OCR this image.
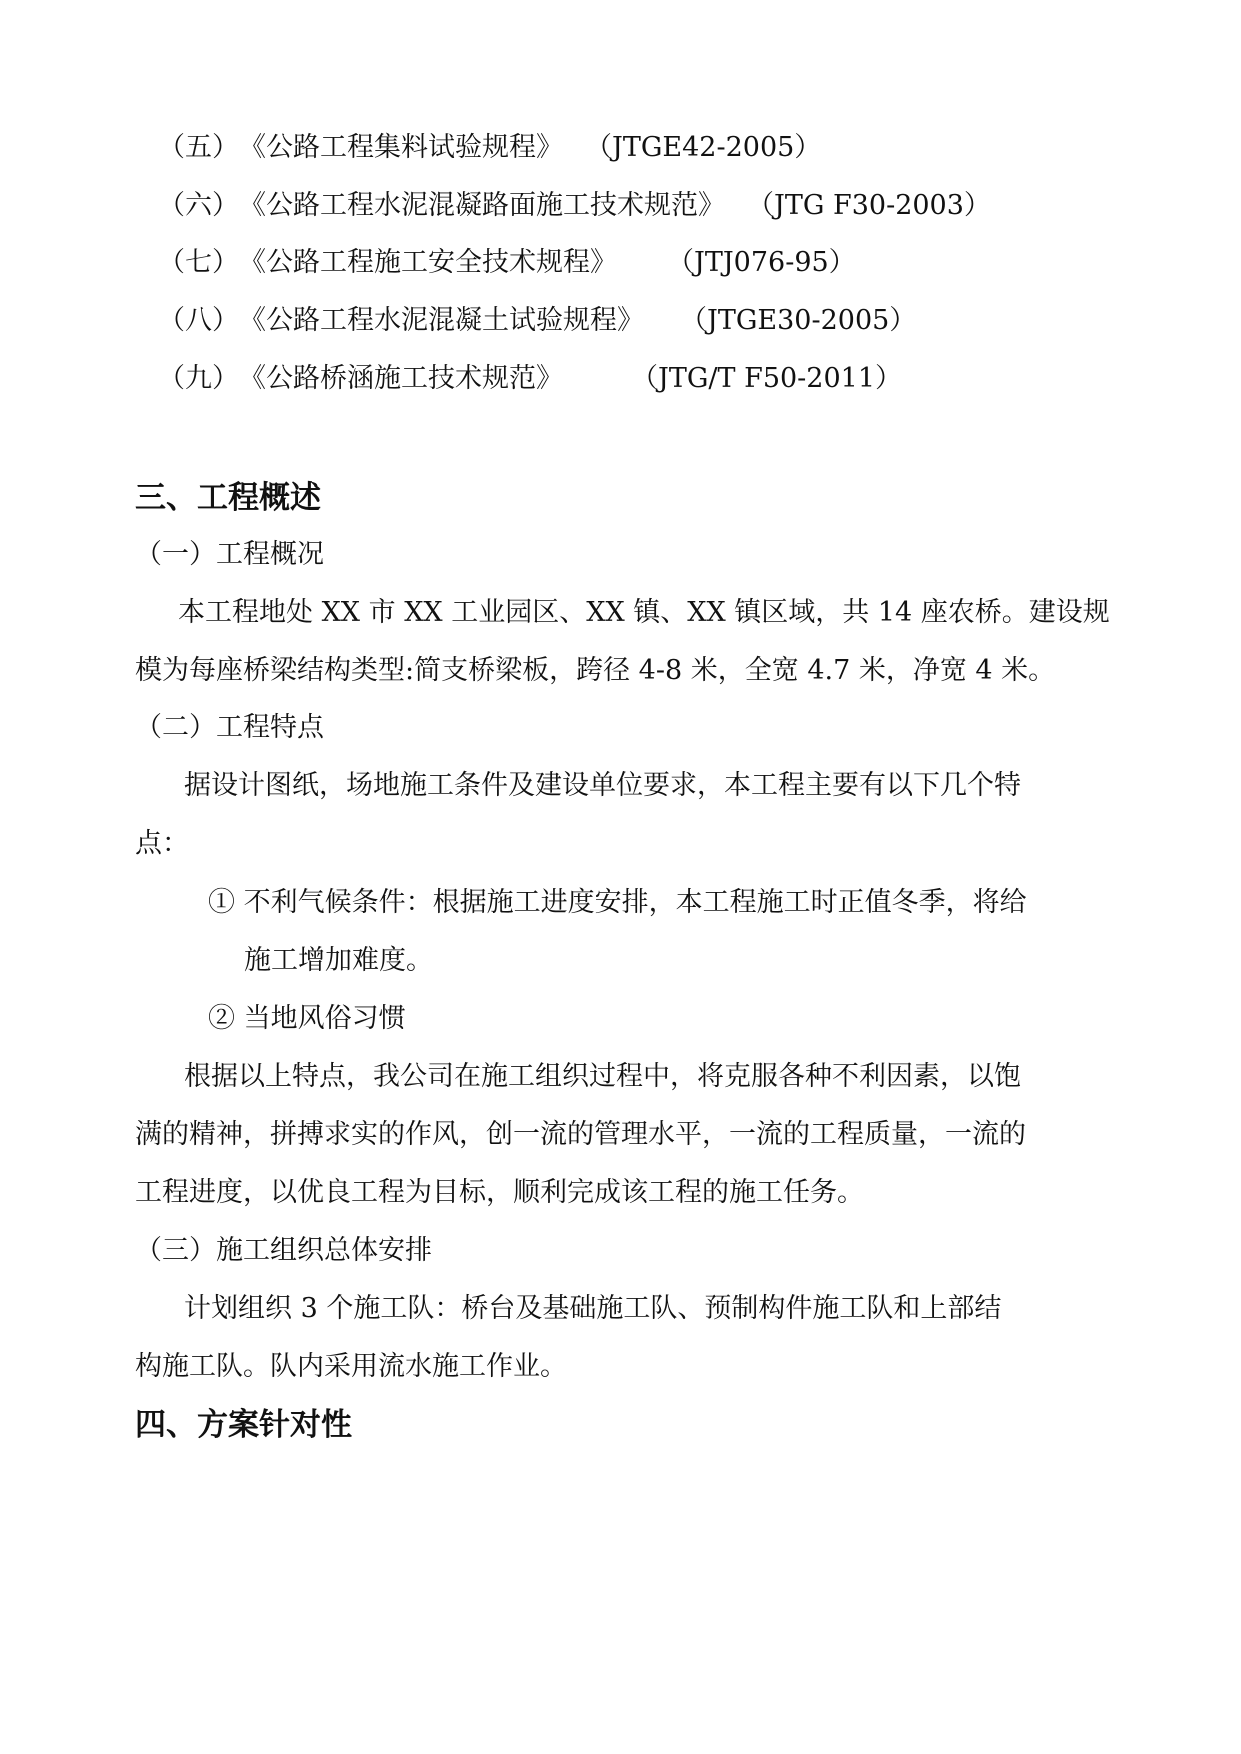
（五）《公路工程集料试验规程》 （JTGE42-2005）
（六）《公路工程水泥混凝路面施工技术规范》 （JTG F30-2003）
（七）《公路工程施工安全技术规程》 （JTJ076-95）
（八）《公路工程水泥混凝土试验规程》 （JTGE30-2005）
（九）《公路桥涵施工技术规范》	（JTG/T F50-2011）
三、工程概述
（一）工程概况
本工程地处 XX 市 XX 工业园区、XX 镇、XX 镇区域，共 14 座农桥。建设规
模为每座桥梁结构类型:简支桥梁板，跨径 4-8 米，全宽 4.7 米，净宽 4 米。
（二）工程特点
据设计图纸，场地施工条件及建设单位要求，本工程主要有以下几个特
点：
① 不利气候条件：根据施工进度安排，本工程施工时正值冬季，将给
施工增加难度。
② 当地风俗习惯
根据以上特点，我公司在施工组织过程中，将克服各种不利因素，以饱
满的精神，拼搏求实的作风，创一流的管理水平，一流的工程质量，一流的
工程进度，以优良工程为目标，顺利完成该工程的施工任务。
（三）施工组织总体安排
计划组织 3 个施工队：桥台及基础施工队、预制构件施工队和上部结
构施工队。队内采用流水施工作业。
四、方案针对性
